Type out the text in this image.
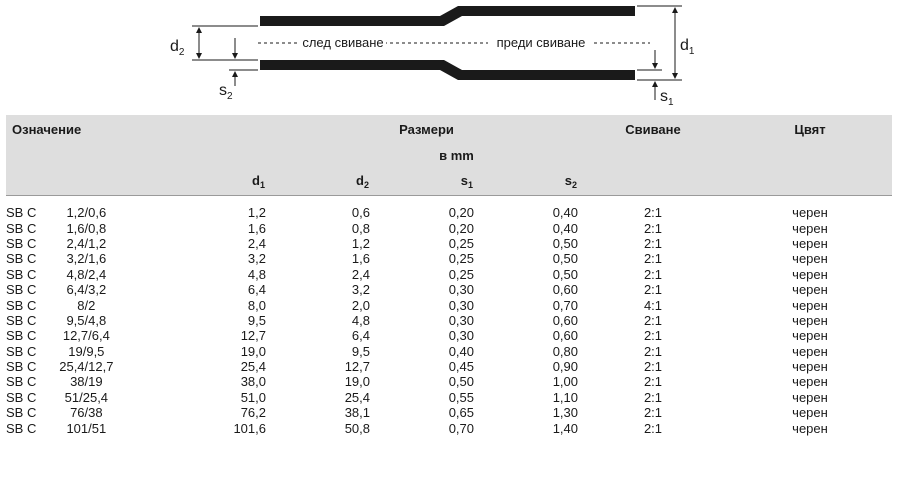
$d_2$
$s_2$
$d_1$
$s_1$
след свиване	преди свиване
Означение	Размери				Свиване	Цвят
	в mm					
	$d_1$	$d_2$	$s_1$	$s_2$		

SB C 1,2/0,6	1,2	0,6	0,20	0,40	2:1	черен
SB C 1,6/0,8	1,6	0,8	0,20	0,40	2:1	черен
SB C 2,4/1,2	2,4	1,2	0,25	0,50	2:1	черен
SB C 3,2/1,6	3,2	1,6	0,25	0,50	2:1	черен
SB C 4,8/2,4	4,8	2,4	0,25	0,50	2:1	черен
SB C 6,4/3,2	6,4	3,2	0,30	0,60	2:1	черен
SB C 8/2	8,0	2,0	0,30	0,70	4:1	черен
SB C 9,5/4,8	9,5	4,8	0,30	0,60	2:1	черен
SB C 12,7/6,4	12,7	6,4	0,30	0,60	2:1	черен
SB C 19/9,5	19,0	9,5	0,40	0,80	2:1	черен
SB C 25,4/12,7	25,4	12,7	0,45	0,90	2:1	черен
SB C 38/19	38,0	19,0	0,50	1,00	2:1	черен
SB C 51/25,4	51,0	25,4	0,55	1,10	2:1	черен
SB C 76/38	76,2	38,1	0,65	1,30	2:1	черен
SB C 101/51	101,6	50,8	0,70	1,40	2:1	черен
